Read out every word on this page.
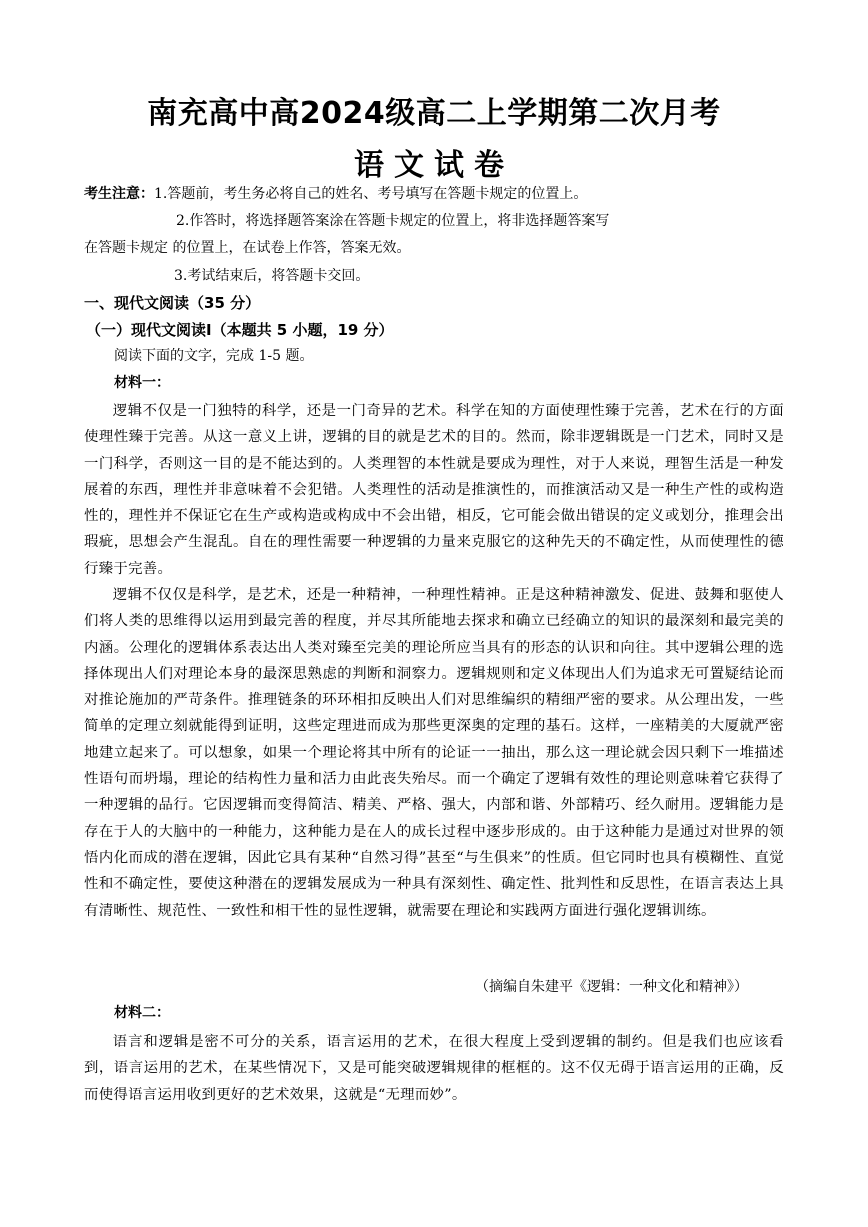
南充高中高2024级高二上学期第二次月考
语文试卷
考生注意：1.答题前，考生务必将自己的姓名、考号填写在答题卡规定的位置上。
2.作答时，将选择题答案涂在答题卡规定的位置上，将非选择题答案写
在答题卡规定 的位置上，在试卷上作答，答案无效。
3.考试结束后，将答题卡交回。
一、现代文阅读（35 分）
（一）现代文阅读Ⅰ（本题共 5 小题，19 分）
阅读下面的文字，完成 1-5 题。
材料一：
逻辑不仅是一门独特的科学，还是一门奇异的艺术。科学在知的方面使理性臻于完善，艺术在行的方面使理性臻于完善。从这一意义上讲，逻辑的目的就是艺术的目的。然而，除非逻辑既是一门艺术，同时又是一门科学，否则这一目的是不能达到的。人类理智的本性就是要成为理性，对于人来说，理智生活是一种发展着的东西，理性并非意味着不会犯错。人类理性的活动是推演性的，而推演活动又是一种生产性的或构造性的，理性并不保证它在生产或构造或构成中不会出错，相反，它可能会做出错误的定义或划分，推理会出瑕疵，思想会产生混乱。自在的理性需要一种逻辑的力量来克服它的这种先天的不确定性，从而使理性的德行臻于完善。
逻辑不仅仅是科学，是艺术，还是一种精神，一种理性精神。正是这种精神激发、促进、鼓舞和驱使人们将人类的思维得以运用到最完善的程度，并尽其所能地去探求和确立已经确立的知识的最深刻和最完美的内涵。公理化的逻辑体系表达出人类对臻至完美的理论所应当具有的形态的认识和向往。其中逻辑公理的选择体现出人们对理论本身的最深思熟虑的判断和洞察力。逻辑规则和定义体现出人们为追求无可置疑结论而对推论施加的严苛条件。推理链条的环环相扣反映出人们对思维编织的精细严密的要求。从公理出发，一些简单的定理立刻就能得到证明，这些定理进而成为那些更深奥的定理的基石。这样，一座精美的大厦就严密地建立起来了。可以想象，如果一个理论将其中所有的论证一一抽出，那么这一理论就会因只剩下一堆描述性语句而坍塌，理论的结构性力量和活力由此丧失殆尽。而一个确定了逻辑有效性的理论则意味着它获得了一种逻辑的品行。它因逻辑而变得简洁、精美、严格、强大，内部和谐、外部精巧、经久耐用。逻辑能力是存在于人的大脑中的一种能力，这种能力是在人的成长过程中逐步形成的。由于这种能力是通过对世界的领悟内化而成的潜在逻辑，因此它具有某种“自然习得”甚至“与生俱来”的性质。但它同时也具有模糊性、直觉性和不确定性，要使这种潜在的逻辑发展成为一种具有深刻性、确定性、批判性和反思性，在语言表达上具有清晰性、规范性、一致性和相干性的显性逻辑，就需要在理论和实践两方面进行强化逻辑训练。
（摘编自朱建平《逻辑：一种文化和精神》）
材料二：
语言和逻辑是密不可分的关系，语言运用的艺术，在很大程度上受到逻辑的制约。但是我们也应该看到，语言运用的艺术，在某些情况下，又是可能突破逻辑规律的框框的。这不仅无碍于语言运用的正确，反而使得语言运用收到更好的艺术效果，这就是“无理而妙”。
